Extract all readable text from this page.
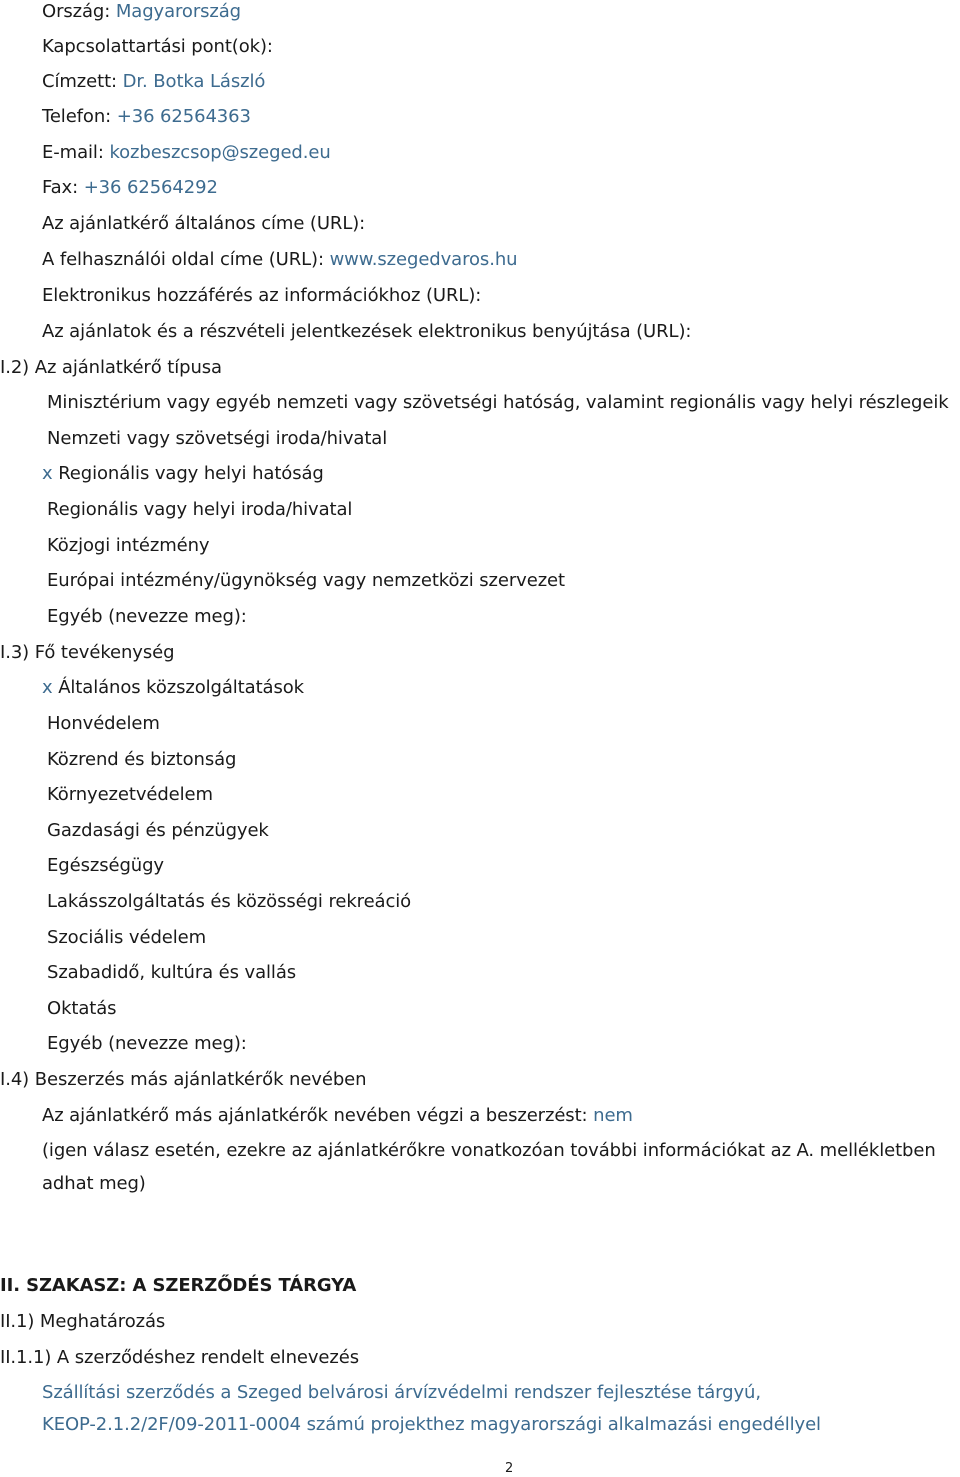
Ország: Magyarország
Kapcsolattartási pont(ok):
Címzett: Dr. Botka László
Telefon: +36 62564363
E-mail: kozbeszcsop@szeged.eu
Fax: +36 62564292
Az ajánlatkérő általános címe (URL):
A felhasználói oldal címe (URL): www.szegedvaros.hu
Elektronikus hozzáférés az információkhoz (URL):
Az ajánlatok és a részvételi jelentkezések elektronikus benyújtása (URL):
I.2) Az ajánlatkérő típusa
Minisztérium vagy egyéb nemzeti vagy szövetségi hatóság, valamint regionális vagy helyi részlegeik
Nemzeti vagy szövetségi iroda/hivatal
x Regionális vagy helyi hatóság
Regionális vagy helyi iroda/hivatal
Közjogi intézmény
Európai intézmény/ügynökség vagy nemzetközi szervezet
Egyéb (nevezze meg):
I.3) Fő tevékenység
x Általános közszolgáltatások
Honvédelem
Közrend és biztonság
Környezetvédelem
Gazdasági és pénzügyek
Egészségügy
Lakásszolgáltatás és közösségi rekreáció
Szociális védelem
Szabadidő, kultúra és vallás
Oktatás
Egyéb (nevezze meg):
I.4) Beszerzés más ajánlatkérők nevében
Az ajánlatkérő más ajánlatkérők nevében végzi a beszerzést: nem
(igen válasz esetén, ezekre az ajánlatkérőkre vonatkozóan további információkat az A. mellékletben
adhat meg)
II. SZAKASZ: A SZERZŐDÉS TÁRGYA
II.1) Meghatározás
II.1.1) A szerződéshez rendelt elnevezés
Szállítási szerződés a Szeged belvárosi árvízvédelmi rendszer fejlesztése tárgyú,
KEOP-2.1.2/2F/09-2011-0004 számú projekthez magyarországi alkalmazási engedéllyel
2
